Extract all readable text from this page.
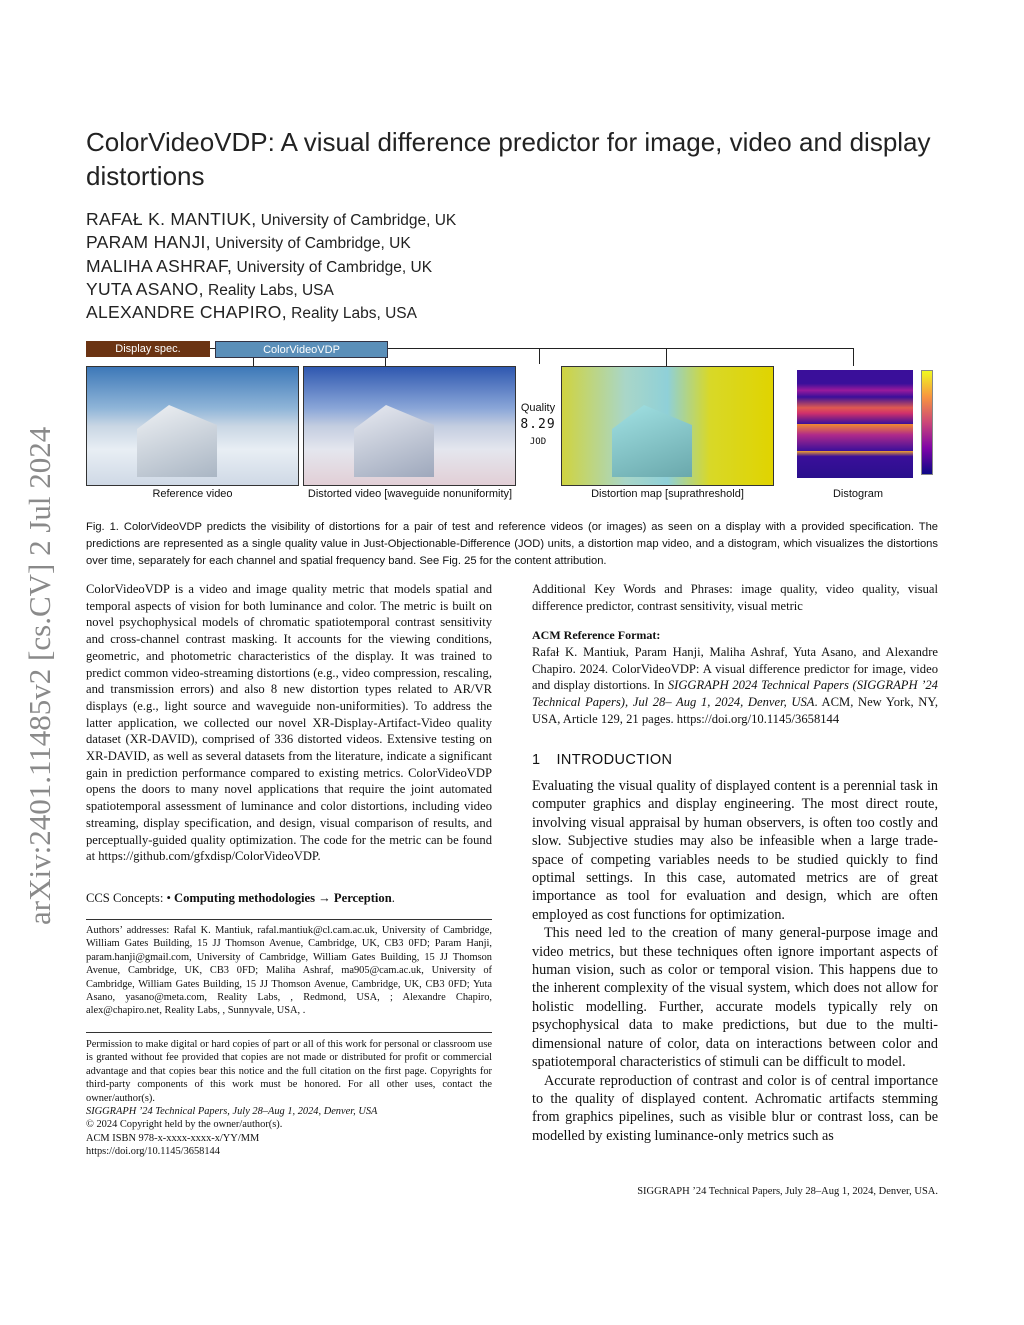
arXiv:2401.11485v2 [cs.CV] 2 Jul 2024
ColorVideoVDP: A visual difference predictor for image, video and display distortions
RAFAŁ K. MANTIUK, University of Cambridge, UK
PARAM HANJI, University of Cambridge, UK
MALIHA ASHRAF, University of Cambridge, UK
YUTA ASANO, Reality Labs, USA
ALEXANDRE CHAPIRO, Reality Labs, USA
Display spec.	ColorVideoVDP
Quality
8.29
JOD
Reference video	Distorted video [waveguide nonuniformity]	Distortion map [suprathreshold]	Distogram
Fig. 1. ColorVideoVDP predicts the visibility of distortions for a pair of test and reference videos (or images) as seen on a display with a provided specification. The predictions are represented as a single quality value in Just-Objectionable-Difference (JOD) units, a distortion map video, and a distogram, which visualizes the distortions over time, separately for each channel and spatial frequency band. See Fig. 25 for the content attribution.

ColorVideoVDP is a video and image quality metric that models spatial and temporal aspects of vision for both luminance and color. The metric is built on novel psychophysical models of chromatic spatiotemporal contrast sensitivity and cross-channel contrast masking. It accounts for the viewing conditions, geometric, and photometric characteristics of the display. It was trained to predict common video-streaming distortions (e.g., video compression, rescaling, and transmission errors) and also 8 new distortion types related to AR/VR displays (e.g., light source and waveguide non-uniformities). To address the latter application, we collected our novel XR-Display-Artifact-Video quality dataset (XR-DAVID), comprised of 336 distorted videos. Extensive testing on XR-DAVID, as well as several datasets from the literature, indicate a significant gain in prediction performance compared to existing metrics. ColorVideoVDP opens the doors to many novel applications that require the joint automated spatiotemporal assessment of luminance and color distortions, including video streaming, display specification, and design, visual comparison of results, and perceptually-guided quality optimization. The code for the metric can be found at https://github.com/gfxdisp/ColorVideoVDP.

CCS Concepts: • Computing methodologies → Perception.

Authors’ addresses: Rafal K. Mantiuk, rafal.mantiuk@cl.cam.ac.uk, University of Cambridge, William Gates Building, 15 JJ Thomson Avenue, Cambridge, UK, CB3 0FD; Param Hanji, param.hanji@gmail.com, University of Cambridge, William Gates Building, 15 JJ Thomson Avenue, Cambridge, UK, CB3 0FD; Maliha Ashraf, ma905@cam.ac.uk, University of Cambridge, William Gates Building, 15 JJ Thomson Avenue, Cambridge, UK, CB3 0FD; Yuta Asano, yasano@meta.com, Reality Labs, , Redmond, USA, ; Alexandre Chapiro, alex@chapiro.net, Reality Labs, , Sunnyvale, USA, .

Permission to make digital or hard copies of part or all of this work for personal or classroom use is granted without fee provided that copies are not made or distributed for profit or commercial advantage and that copies bear this notice and the full citation on the first page. Copyrights for third-party components of this work must be honored. For all other uses, contact the owner/author(s).

SIGGRAPH ’24 Technical Papers, July 28–Aug 1, 2024, Denver, USA

© 2024 Copyright held by the owner/author(s).

ACM ISBN 978-x-xxxx-xxxx-x/YY/MM

https://doi.org/10.1145/3658144

Additional Key Words and Phrases: image quality, video quality, visual difference predictor, contrast sensitivity, visual metric

ACM Reference Format:

Rafał K. Mantiuk, Param Hanji, Maliha Ashraf, Yuta Asano, and Alexandre Chapiro. 2024. ColorVideoVDP: A visual difference predictor for image, video and display distortions. In SIGGRAPH 2024 Technical Papers (SIGGRAPH ’24 Technical Papers), Jul 28– Aug 1, 2024, Denver, USA. ACM, New York, NY, USA, Article 129, 21 pages. https://doi.org/10.1145/3658144

1 INTRODUCTION

Evaluating the visual quality of displayed content is a perennial task in computer graphics and display engineering. The most direct route, involving visual appraisal by human observers, is often too costly and slow. Subjective studies may also be infeasible when a large trade-space of competing variables needs to be studied quickly to find optimal settings. In this case, automated metrics are of great importance as tool for evaluation and design, which are often employed as cost functions for optimization.

This need led to the creation of many general-purpose image and video metrics, but these techniques often ignore important aspects of human vision, such as color or temporal vision. This happens due to the inherent complexity of the visual system, which does not allow for holistic modelling. Further, accurate models typically rely on psychophysical data to make predictions, but due to the multi-dimensional nature of color, data on interactions between color and spatiotemporal characteristics of stimuli can be difficult to model.

Accurate reproduction of contrast and color is of central importance to the quality of displayed content. Achromatic artifacts stemming from graphics pipelines, such as visible blur or contrast loss, can be modelled by existing luminance-only metrics such as

SIGGRAPH ’24 Technical Papers, July 28–Aug 1, 2024, Denver, USA.
